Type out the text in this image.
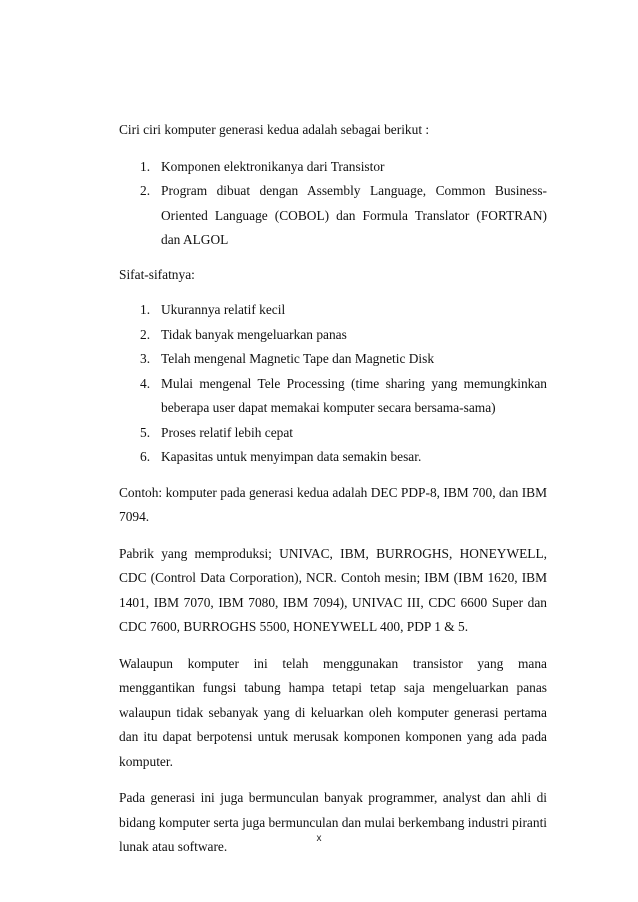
Ciri ciri komputer generasi kedua adalah sebagai berikut :

1. Komponen elektronikanya dari Transistor
2. Program dibuat dengan Assembly Language, Common Business-Oriented Language (COBOL) dan Formula Translator (FORTRAN) dan ALGOL

Sifat-sifatnya:

1. Ukurannya relatif kecil
2. Tidak banyak mengeluarkan panas
3. Telah mengenal Magnetic Tape dan Magnetic Disk
4. Mulai mengenal Tele Processing (time sharing yang memungkinkan beberapa user dapat memakai komputer secara bersama-sama)
5. Proses relatif lebih cepat
6. Kapasitas untuk menyimpan data semakin besar.

Contoh: komputer pada generasi kedua adalah DEC PDP-8, IBM 700, dan IBM 7094.

Pabrik yang memproduksi; UNIVAC, IBM, BURROGHS, HONEYWELL, CDC (Control Data Corporation), NCR. Contoh mesin; IBM (IBM 1620, IBM 1401, IBM 7070, IBM 7080, IBM 7094), UNIVAC III, CDC 6600 Super dan CDC 7600, BURROGHS 5500, HONEYWELL 400, PDP 1 & 5.

Walaupun komputer ini telah menggunakan transistor yang mana menggantikan fungsi tabung hampa tetapi tetap saja mengeluarkan panas walaupun tidak sebanyak yang di keluarkan oleh komputer generasi pertama dan itu dapat berpotensi untuk merusak komponen komponen yang ada pada komputer.

Pada generasi ini juga bermunculan banyak programmer, analyst dan ahli di bidang komputer serta juga bermunculan dan mulai berkembang industri piranti lunak atau software.

x
